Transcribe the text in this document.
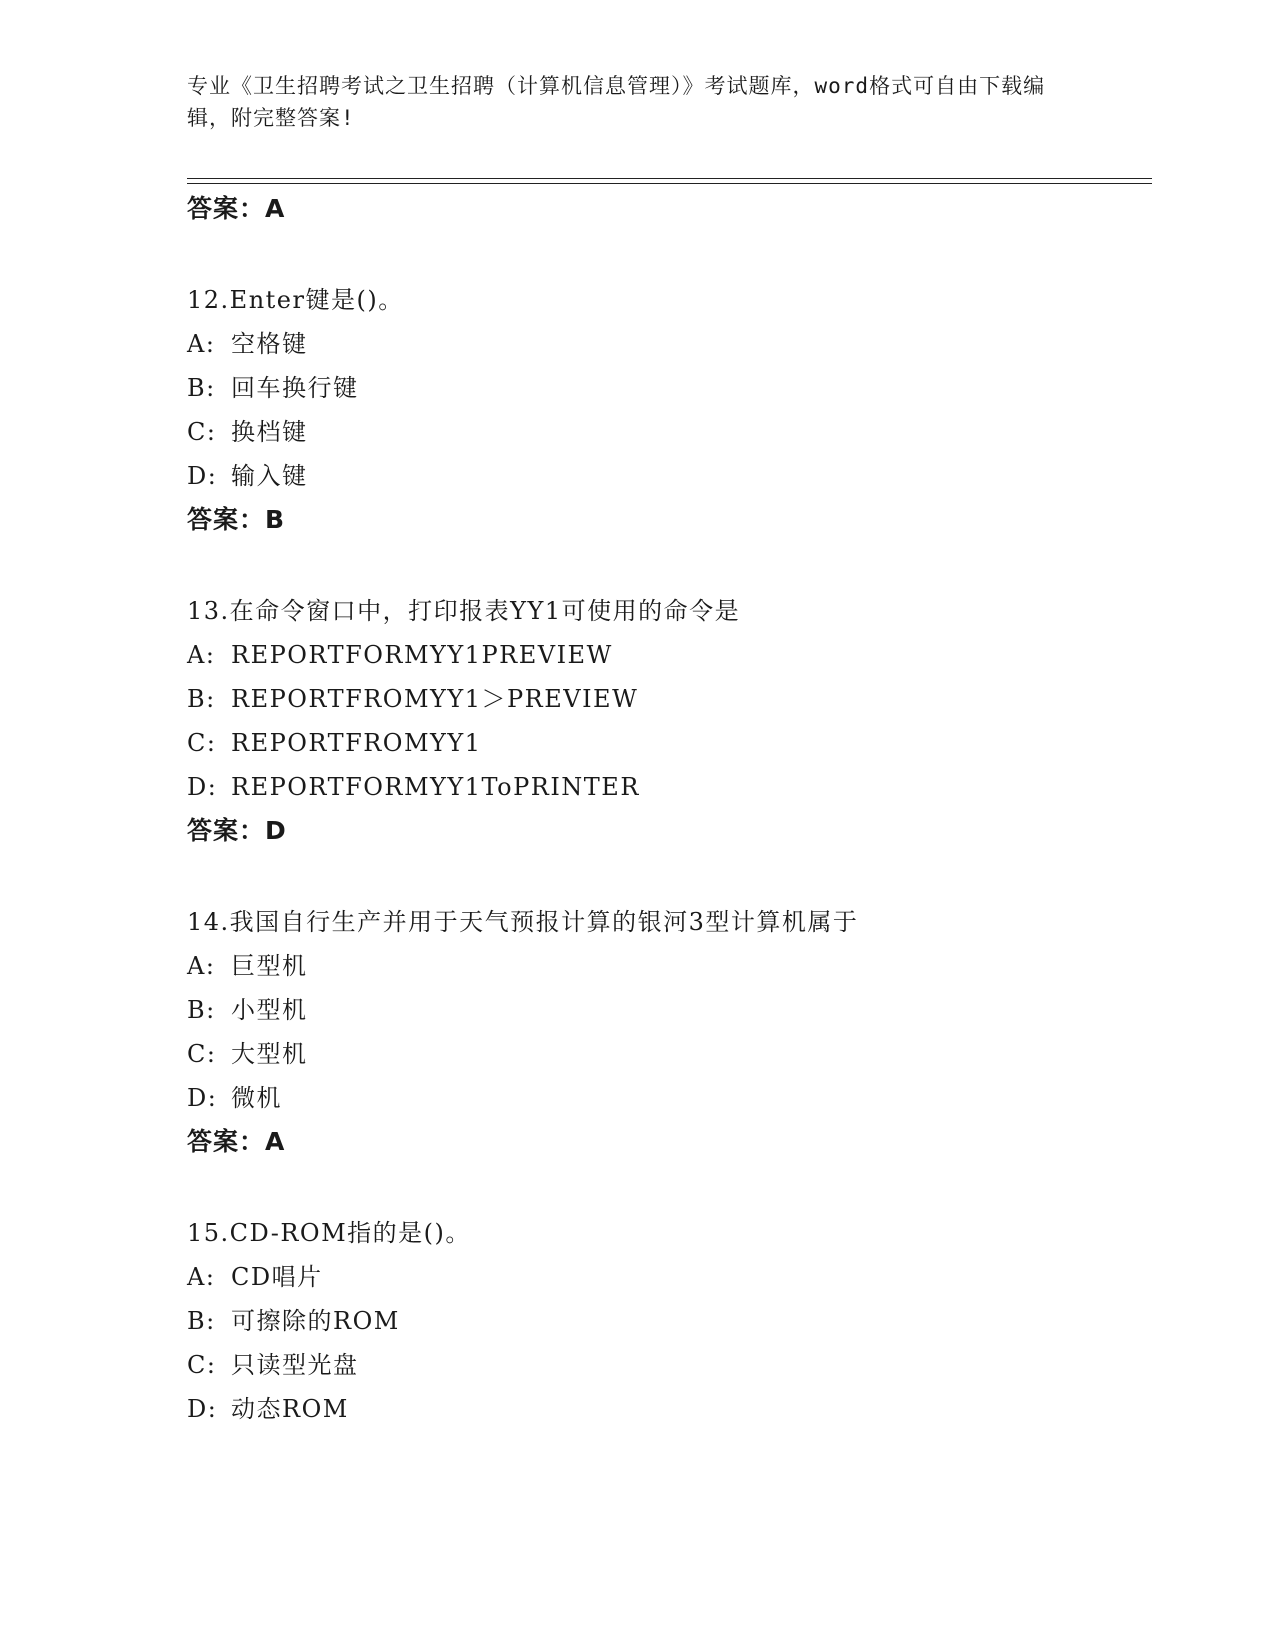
专业《卫生招聘考试之卫生招聘（计算机信息管理）》考试题库，word格式可自由下载编辑，附完整答案!
答案：A
12.Enter键是()。
A: 空格键
B: 回车换行键
C: 换档键
D: 输入键
答案：B
13.在命令窗口中，打印报表YY1可使用的命令是
A: REPORTFORMYY1PREVIEW
B: REPORTFROMYY1＞PREVIEW
C: REPORTFROMYY1
D: REPORTFORMYY1ToPRINTER
答案：D
14.我国自行生产并用于天气预报计算的银河3型计算机属于
A: 巨型机
B: 小型机
C: 大型机
D: 微机
答案：A
15.CD-ROM指的是()。
A: CD唱片
B: 可擦除的ROM
C: 只读型光盘
D: 动态ROM
